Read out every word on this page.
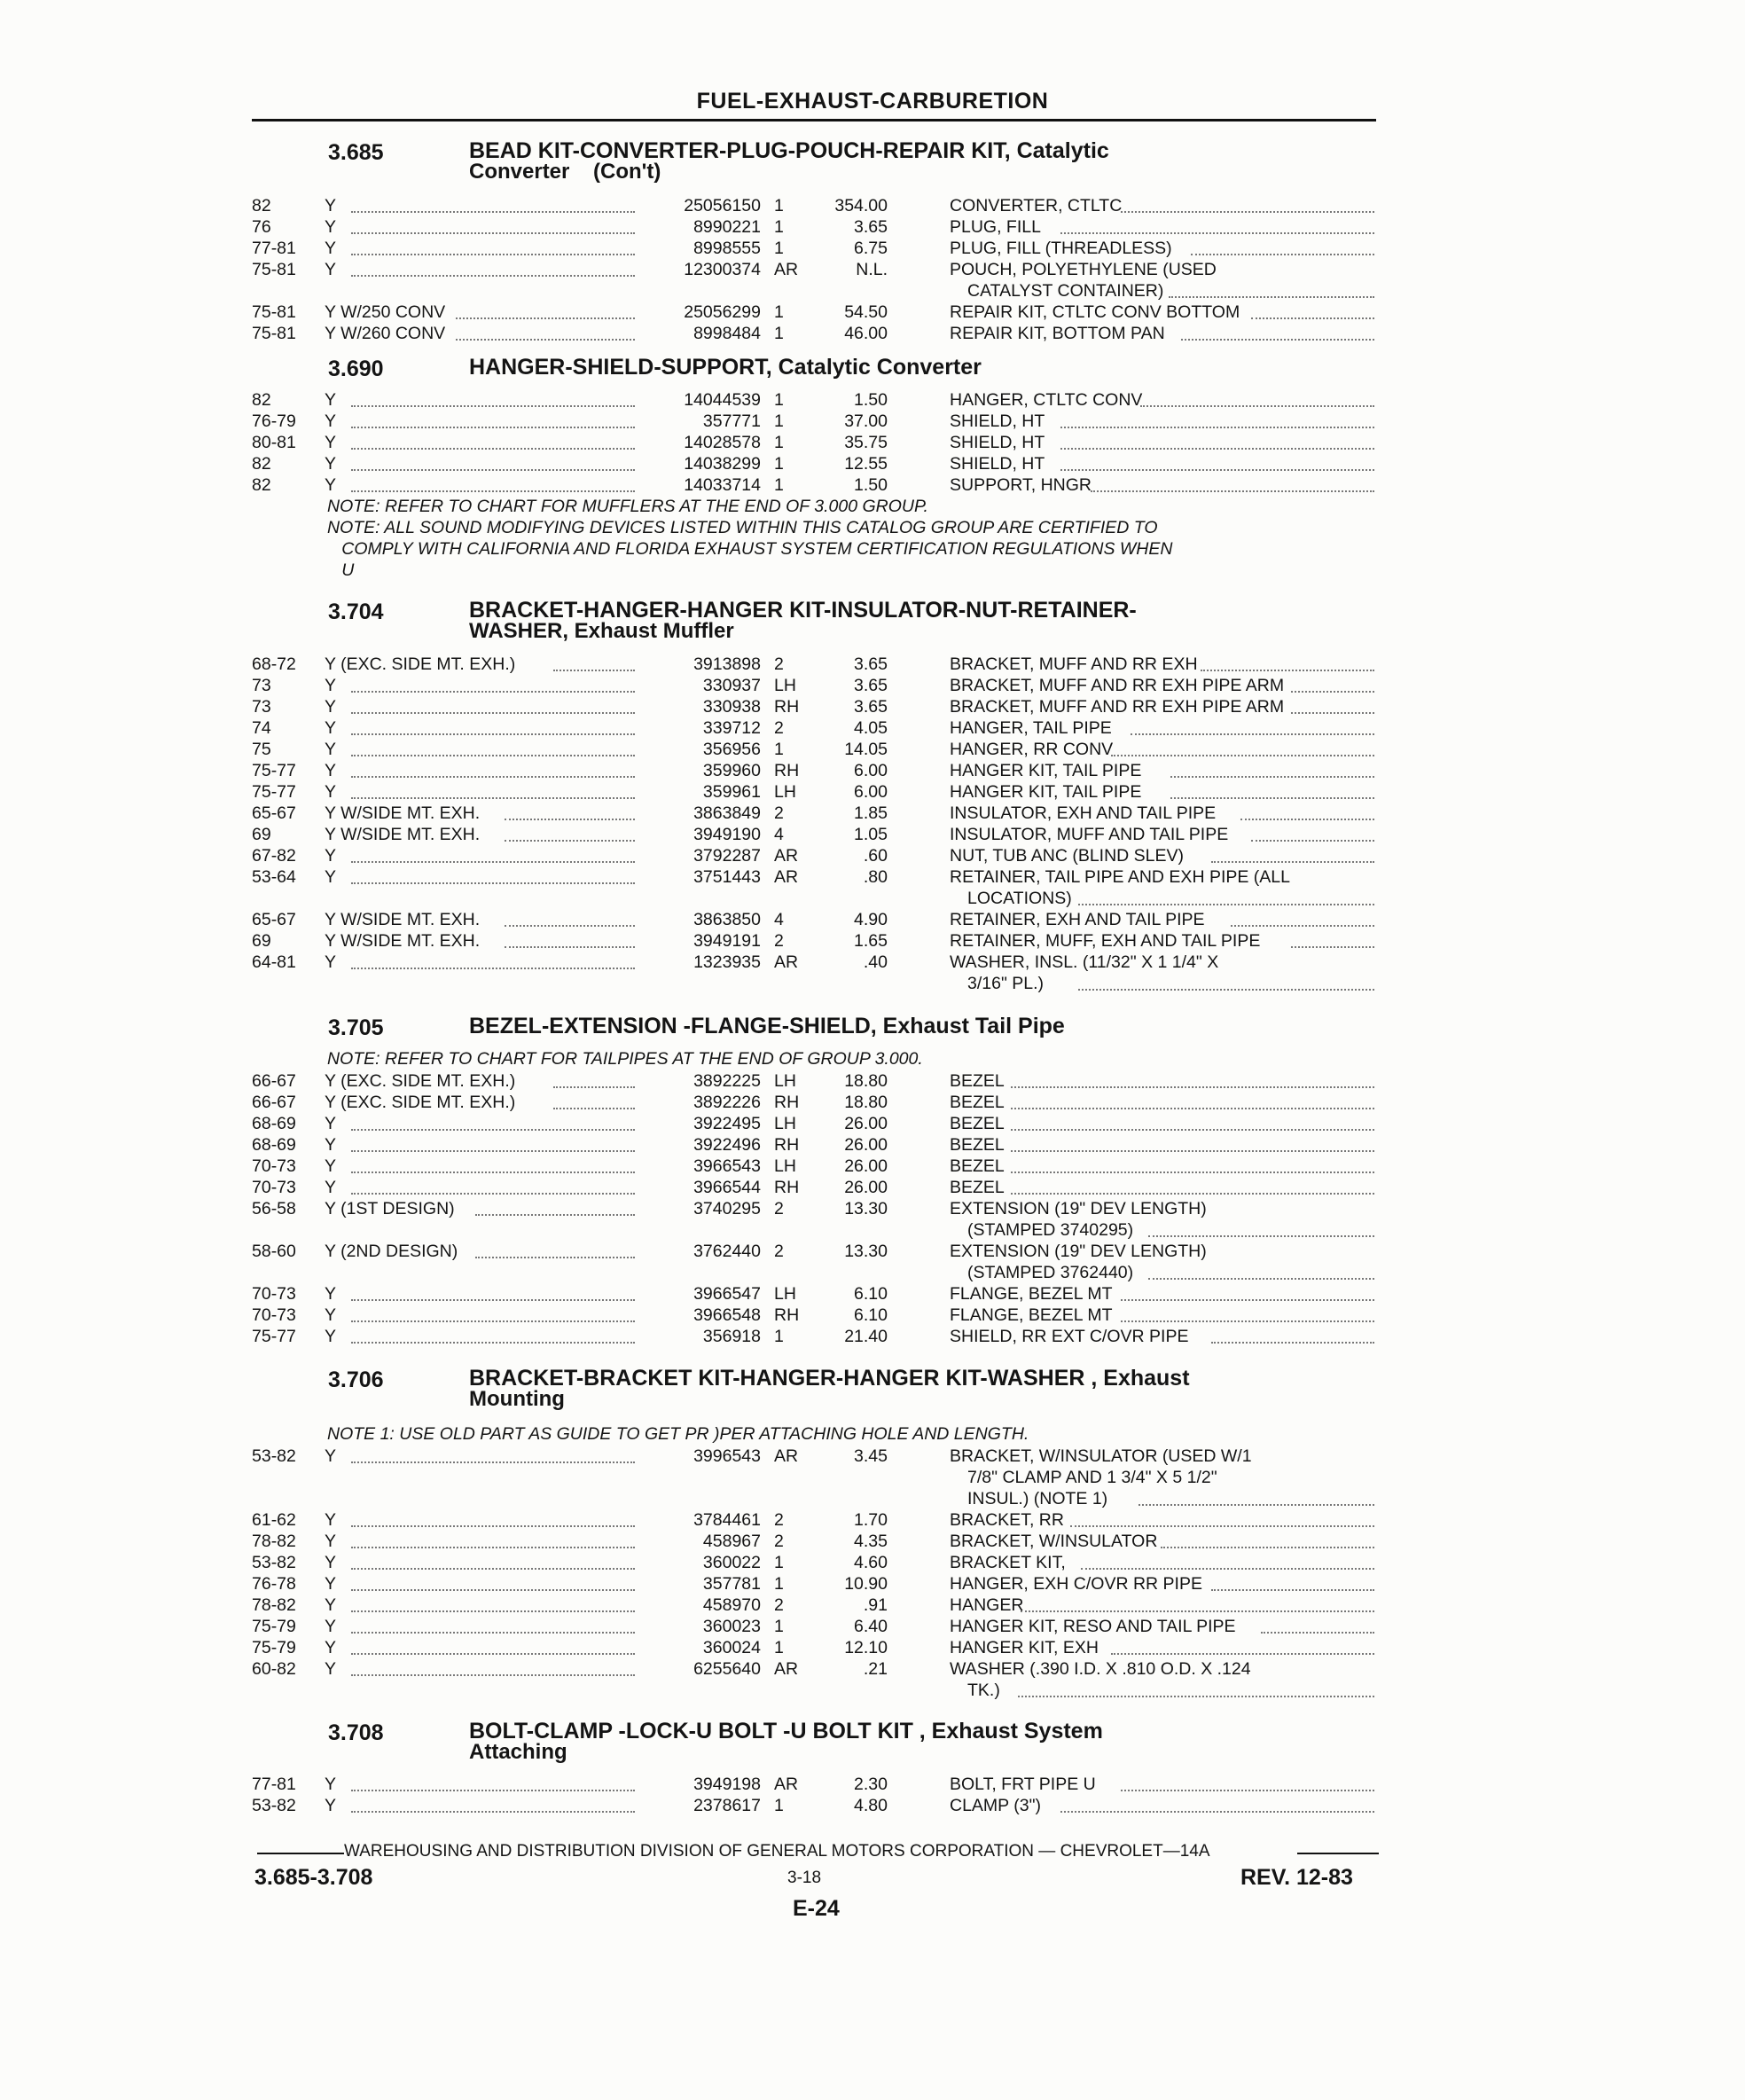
FUEL-EXHAUST-CARBURETION
3.685	BEAD KIT-CONVERTER-PLUG-POUCH-REPAIR KIT, Catalytic
Converter    (Con't)
82	Y	25056150 1	354.00	CONVERTER, CTLTC
76	Y	8990221 1	3.65	PLUG, FILL
77-81 Y	8998555 1	6.75	PLUG, FILL (THREADLESS)
75-81 Y	12300374 AR	N.L.	POUCH, POLYETHYLENE (USED
CATALYST CONTAINER)
75-81 Y W/250 CONV	25056299 1	54.50	REPAIR KIT, CTLTC CONV BOTTOM
75-81 Y W/260 CONV	8998484 1	46.00	REPAIR KIT, BOTTOM PAN
3.690	HANGER-SHIELD-SUPPORT, Catalytic Converter
82	Y	14044539 1	1.50	HANGER, CTLTC CONV
76-79 Y	357771 1	37.00	SHIELD, HT
80-81 Y	14028578 1	35.75	SHIELD, HT
82	Y	14038299 1	12.55	SHIELD, HT
82	Y	14033714 1	1.50	SUPPORT, HNGR
NOTE: REFER TO CHART FOR MUFFLERS AT THE END OF 3.000 GROUP.
NOTE: ALL SOUND MODIFYING DEVICES LISTED WITHIN THIS CATALOG GROUP ARE CERTIFIED TO
COMPLY WITH CALIFORNIA AND FLORIDA EXHAUST SYSTEM CERTIFICATION REGULATIONS WHEN
U
3.704	BRACKET-HANGER-HANGER KIT-INSULATOR-NUT-RETAINER-
WASHER, Exhaust Muffler
68-72 Y (EXC. SIDE MT. EXH.)	3913898 2	3.65	BRACKET, MUFF AND RR EXH
73	Y	330937 LH	3.65	BRACKET, MUFF AND RR EXH PIPE ARM
73	Y	330938 RH	3.65	BRACKET, MUFF AND RR EXH PIPE ARM
74	Y	339712 2	4.05	HANGER, TAIL PIPE
75	Y	356956 1	14.05	HANGER, RR CONV
75-77 Y	359960 RH	6.00	HANGER KIT, TAIL PIPE
75-77 Y	359961 LH	6.00	HANGER KIT, TAIL PIPE
65-67 Y W/SIDE MT. EXH.	3863849 2	1.85	INSULATOR, EXH AND TAIL PIPE
69	Y W/SIDE MT. EXH.	3949190 4	1.05	INSULATOR, MUFF AND TAIL PIPE
67-82 Y	3792287 AR	.60	NUT, TUB ANC (BLIND SLEV)
53-64 Y	3751443 AR	.80	RETAINER, TAIL PIPE AND EXH PIPE (ALL
LOCATIONS)
65-67 Y W/SIDE MT. EXH.	3863850 4	4.90	RETAINER, EXH AND TAIL PIPE
69	Y W/SIDE MT. EXH.	3949191 2	1.65	RETAINER, MUFF, EXH AND TAIL PIPE
64-81 Y	1323935 AR	.40	WASHER, INSL. (11/32" X 1 1/4" X
3/16" PL.)
3.705	BEZEL-EXTENSION -FLANGE-SHIELD, Exhaust Tail Pipe
NOTE: REFER TO CHART FOR TAILPIPES AT THE END OF GROUP 3.000.
66-67 Y (EXC. SIDE MT. EXH.)	3892225 LH	18.80	BEZEL
66-67 Y (EXC. SIDE MT. EXH.)	3892226 RH	18.80	BEZEL
68-69 Y	3922495 LH	26.00	BEZEL
68-69 Y	3922496 RH	26.00	BEZEL
70-73 Y	3966543 LH	26.00	BEZEL
70-73 Y	3966544 RH	26.00	BEZEL
56-58 Y (1ST DESIGN)	3740295 2	13.30	EXTENSION (19" DEV LENGTH)
(STAMPED 3740295)
58-60 Y (2ND DESIGN)	3762440 2	13.30	EXTENSION (19" DEV LENGTH)
(STAMPED 3762440)
70-73 Y	3966547 LH	6.10	FLANGE, BEZEL MT
70-73 Y	3966548 RH	6.10	FLANGE, BEZEL MT
75-77 Y	356918 1	21.40	SHIELD, RR EXT C/OVR PIPE
3.706	BRACKET-BRACKET KIT-HANGER-HANGER KIT-WASHER , Exhaust
Mounting
NOTE 1: USE OLD PART AS GUIDE TO GET PR )PER ATTACHING HOLE AND LENGTH.
53-82 Y	3996543 AR	3.45	BRACKET, W/INSULATOR (USED W/1
7/8" CLAMP AND 1 3/4" X 5 1/2"
INSUL.) (NOTE 1)
61-62 Y	3784461 2	1.70	BRACKET, RR
78-82 Y	458967 2	4.35	BRACKET, W/INSULATOR
53-82 Y	360022 1	4.60	BRACKET KIT,
76-78 Y	357781 1	10.90	HANGER, EXH C/OVR RR PIPE
78-82 Y	458970 2	.91	HANGER
75-79 Y	360023 1	6.40	HANGER KIT, RESO AND TAIL PIPE
75-79 Y	360024 1	12.10	HANGER KIT, EXH
60-82 Y	6255640 AR	.21	WASHER (.390 I.D. X .810 O.D. X .124
TK.)
3.708	BOLT-CLAMP -LOCK-U BOLT -U BOLT KIT , Exhaust System
Attaching
77-81 Y	3949198 AR	2.30	BOLT, FRT PIPE U
53-82 Y	2378617 1	4.80	CLAMP (3")
WAREHOUSING AND DISTRIBUTION DIVISION OF GENERAL MOTORS CORPORATION — CHEVROLET—14A
3.685-3.708	3-18	REV. 12-83
E-24
